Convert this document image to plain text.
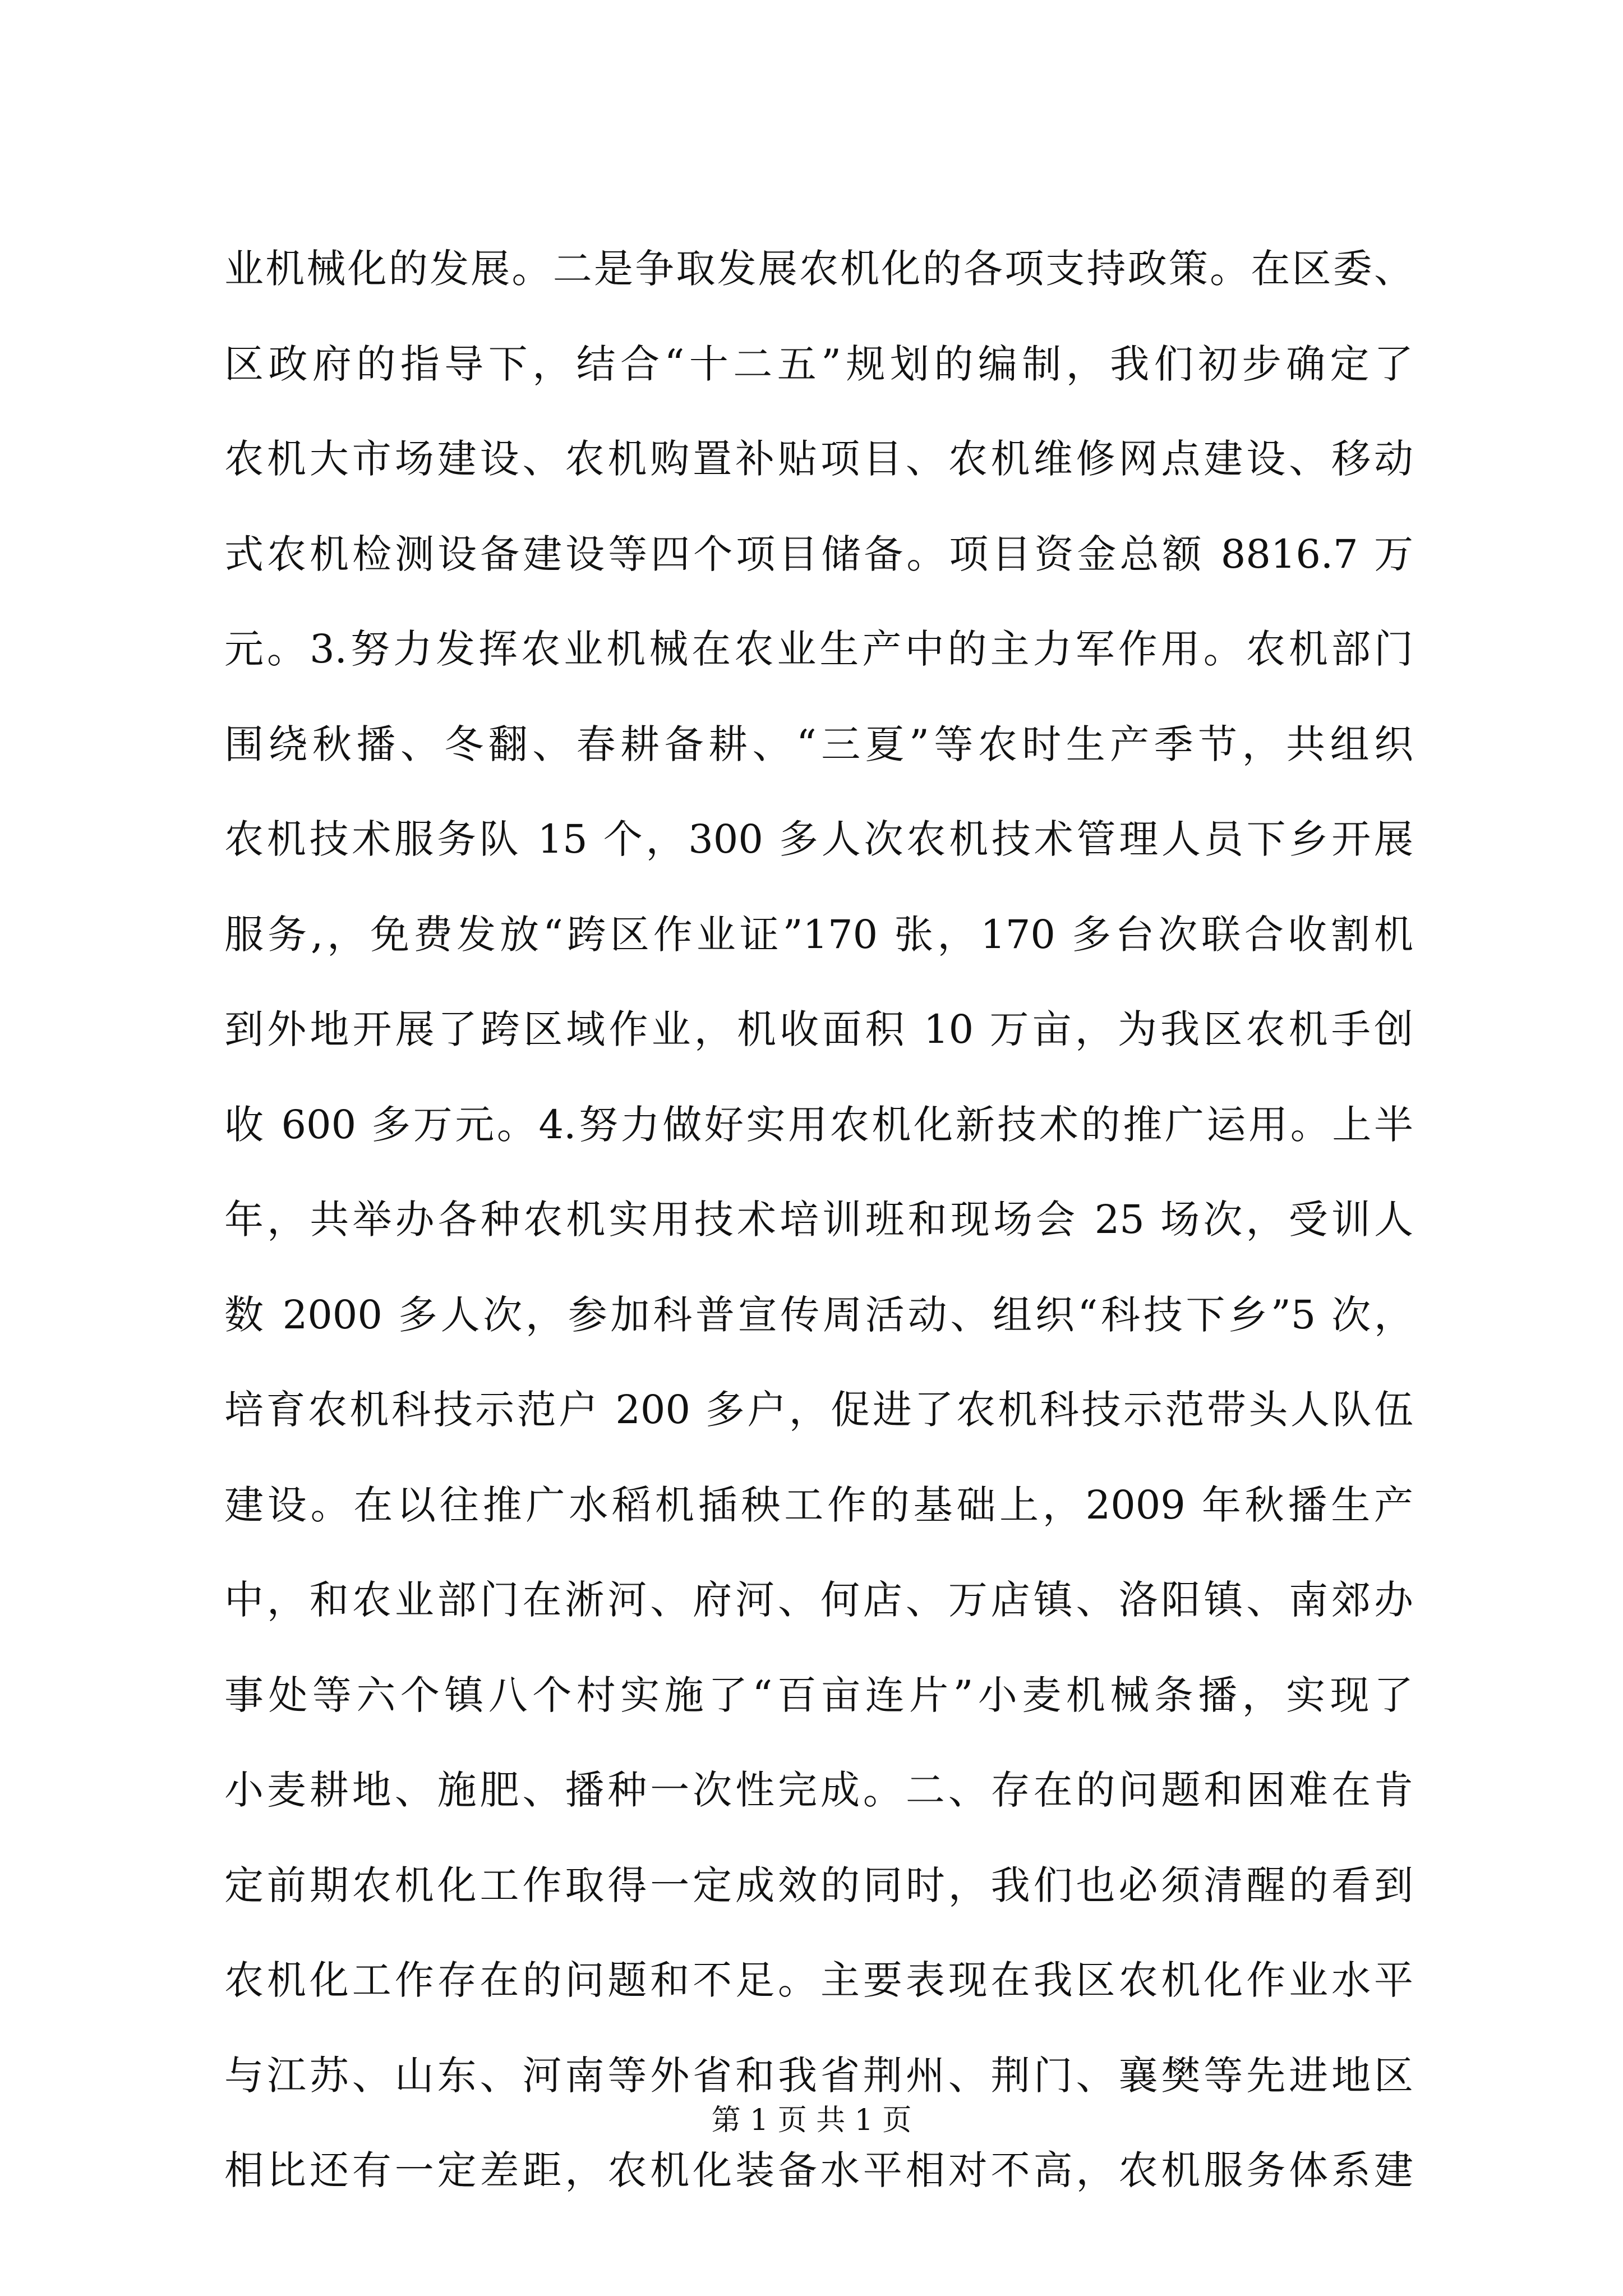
业机械化的发展。二是争取发展农机化的各项支持政策。在区委、
区政府的指导下，结合“十二五”规划的编制，我们初步确定了
农机大市场建设、农机购置补贴项目、农机维修网点建设、移动
式农机检测设备建设等四个项目储备。项目资金总额 8816.7 万
元。3.努力发挥农业机械在农业生产中的主力军作用。农机部门
围绕秋播、冬翻、春耕备耕、“三夏”等农时生产季节，共组织
农机技术服务队 15 个，300 多人次农机技术管理人员下乡开展
服务,，免费发放“跨区作业证”170 张，170 多台次联合收割机
到外地开展了跨区域作业，机收面积 10 万亩，为我区农机手创
收 600 多万元。4.努力做好实用农机化新技术的推广运用。上半
年，共举办各种农机实用技术培训班和现场会 25 场次，受训人
数 2000 多人次，参加科普宣传周活动、组织“科技下乡”5 次，
培育农机科技示范户 200 多户，促进了农机科技示范带头人队伍
建设。在以往推广水稻机插秧工作的基础上，2009 年秋播生产
中，和农业部门在淅河、府河、何店、万店镇、洛阳镇、南郊办
事处等六个镇八个村实施了“百亩连片”小麦机械条播，实现了
小麦耕地、施肥、播种一次性完成。二、存在的问题和困难在肯
定前期农机化工作取得一定成效的同时，我们也必须清醒的看到
农机化工作存在的问题和不足。主要表现在我区农机化作业水平
与江苏、山东、河南等外省和我省荆州、荆门、襄樊等先进地区
相比还有一定差距，农机化装备水平相对不高，农机服务体系建
第 1 页 共 1 页
